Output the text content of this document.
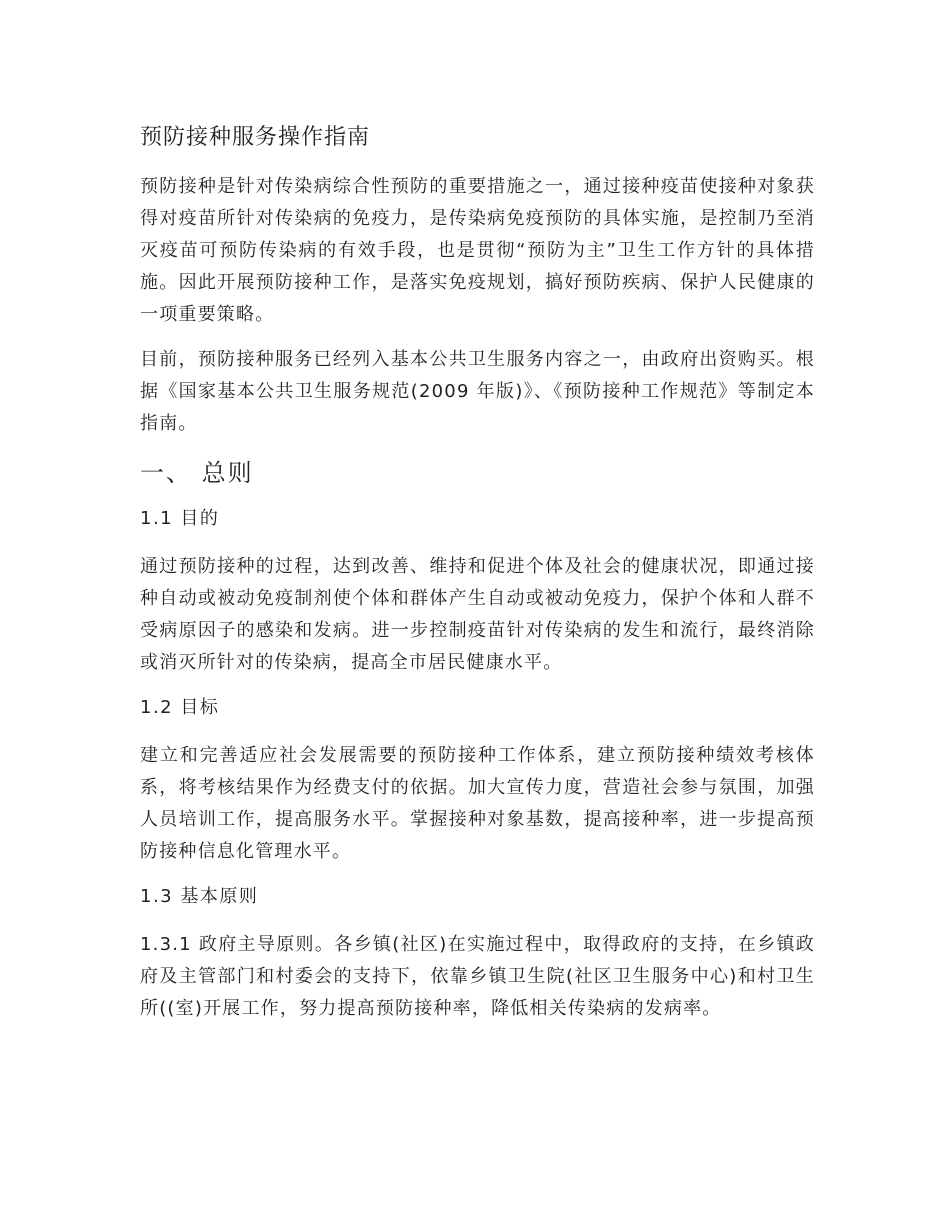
预防接种服务操作指南

预防接种是针对传染病综合性预防的重要措施之一，通过接种疫苗使接种对象获得对疫苗所针对传染病的免疫力，是传染病免疫预防的具体实施，是控制乃至消灭疫苗可预防传染病的有效手段，也是贯彻“预防为主”卫生工作方针的具体措施。因此开展预防接种工作，是落实免疫规划，搞好预防疾病、保护人民健康的一项重要策略。

目前，预防接种服务已经列入基本公共卫生服务内容之一，由政府出资购买。根据《国家基本公共卫生服务规范(2009 年版)》、《预防接种工作规范》等制定本指南。

一、 总则
1.1 目的

通过预防接种的过程，达到改善、维持和促进个体及社会的健康状况，即通过接种自动或被动免疫制剂使个体和群体产生自动或被动免疫力，保护个体和人群不受病原因子的感染和发病。进一步控制疫苗针对传染病的发生和流行，最终消除或消灭所针对的传染病，提高全市居民健康水平。

1.2 目标

建立和完善适应社会发展需要的预防接种工作体系，建立预防接种绩效考核体系，将考核结果作为经费支付的依据。加大宣传力度，营造社会参与氛围，加强人员培训工作，提高服务水平。掌握接种对象基数，提高接种率，进一步提高预防接种信息化管理水平。

1.3 基本原则

1.3.1 政府主导原则。各乡镇(社区)在实施过程中，取得政府的支持，在乡镇政府及主管部门和村委会的支持下，依靠乡镇卫生院(社区卫生服务中心)和村卫生所((室)开展工作，努力提高预防接种率，降低相关传染病的发病率。
